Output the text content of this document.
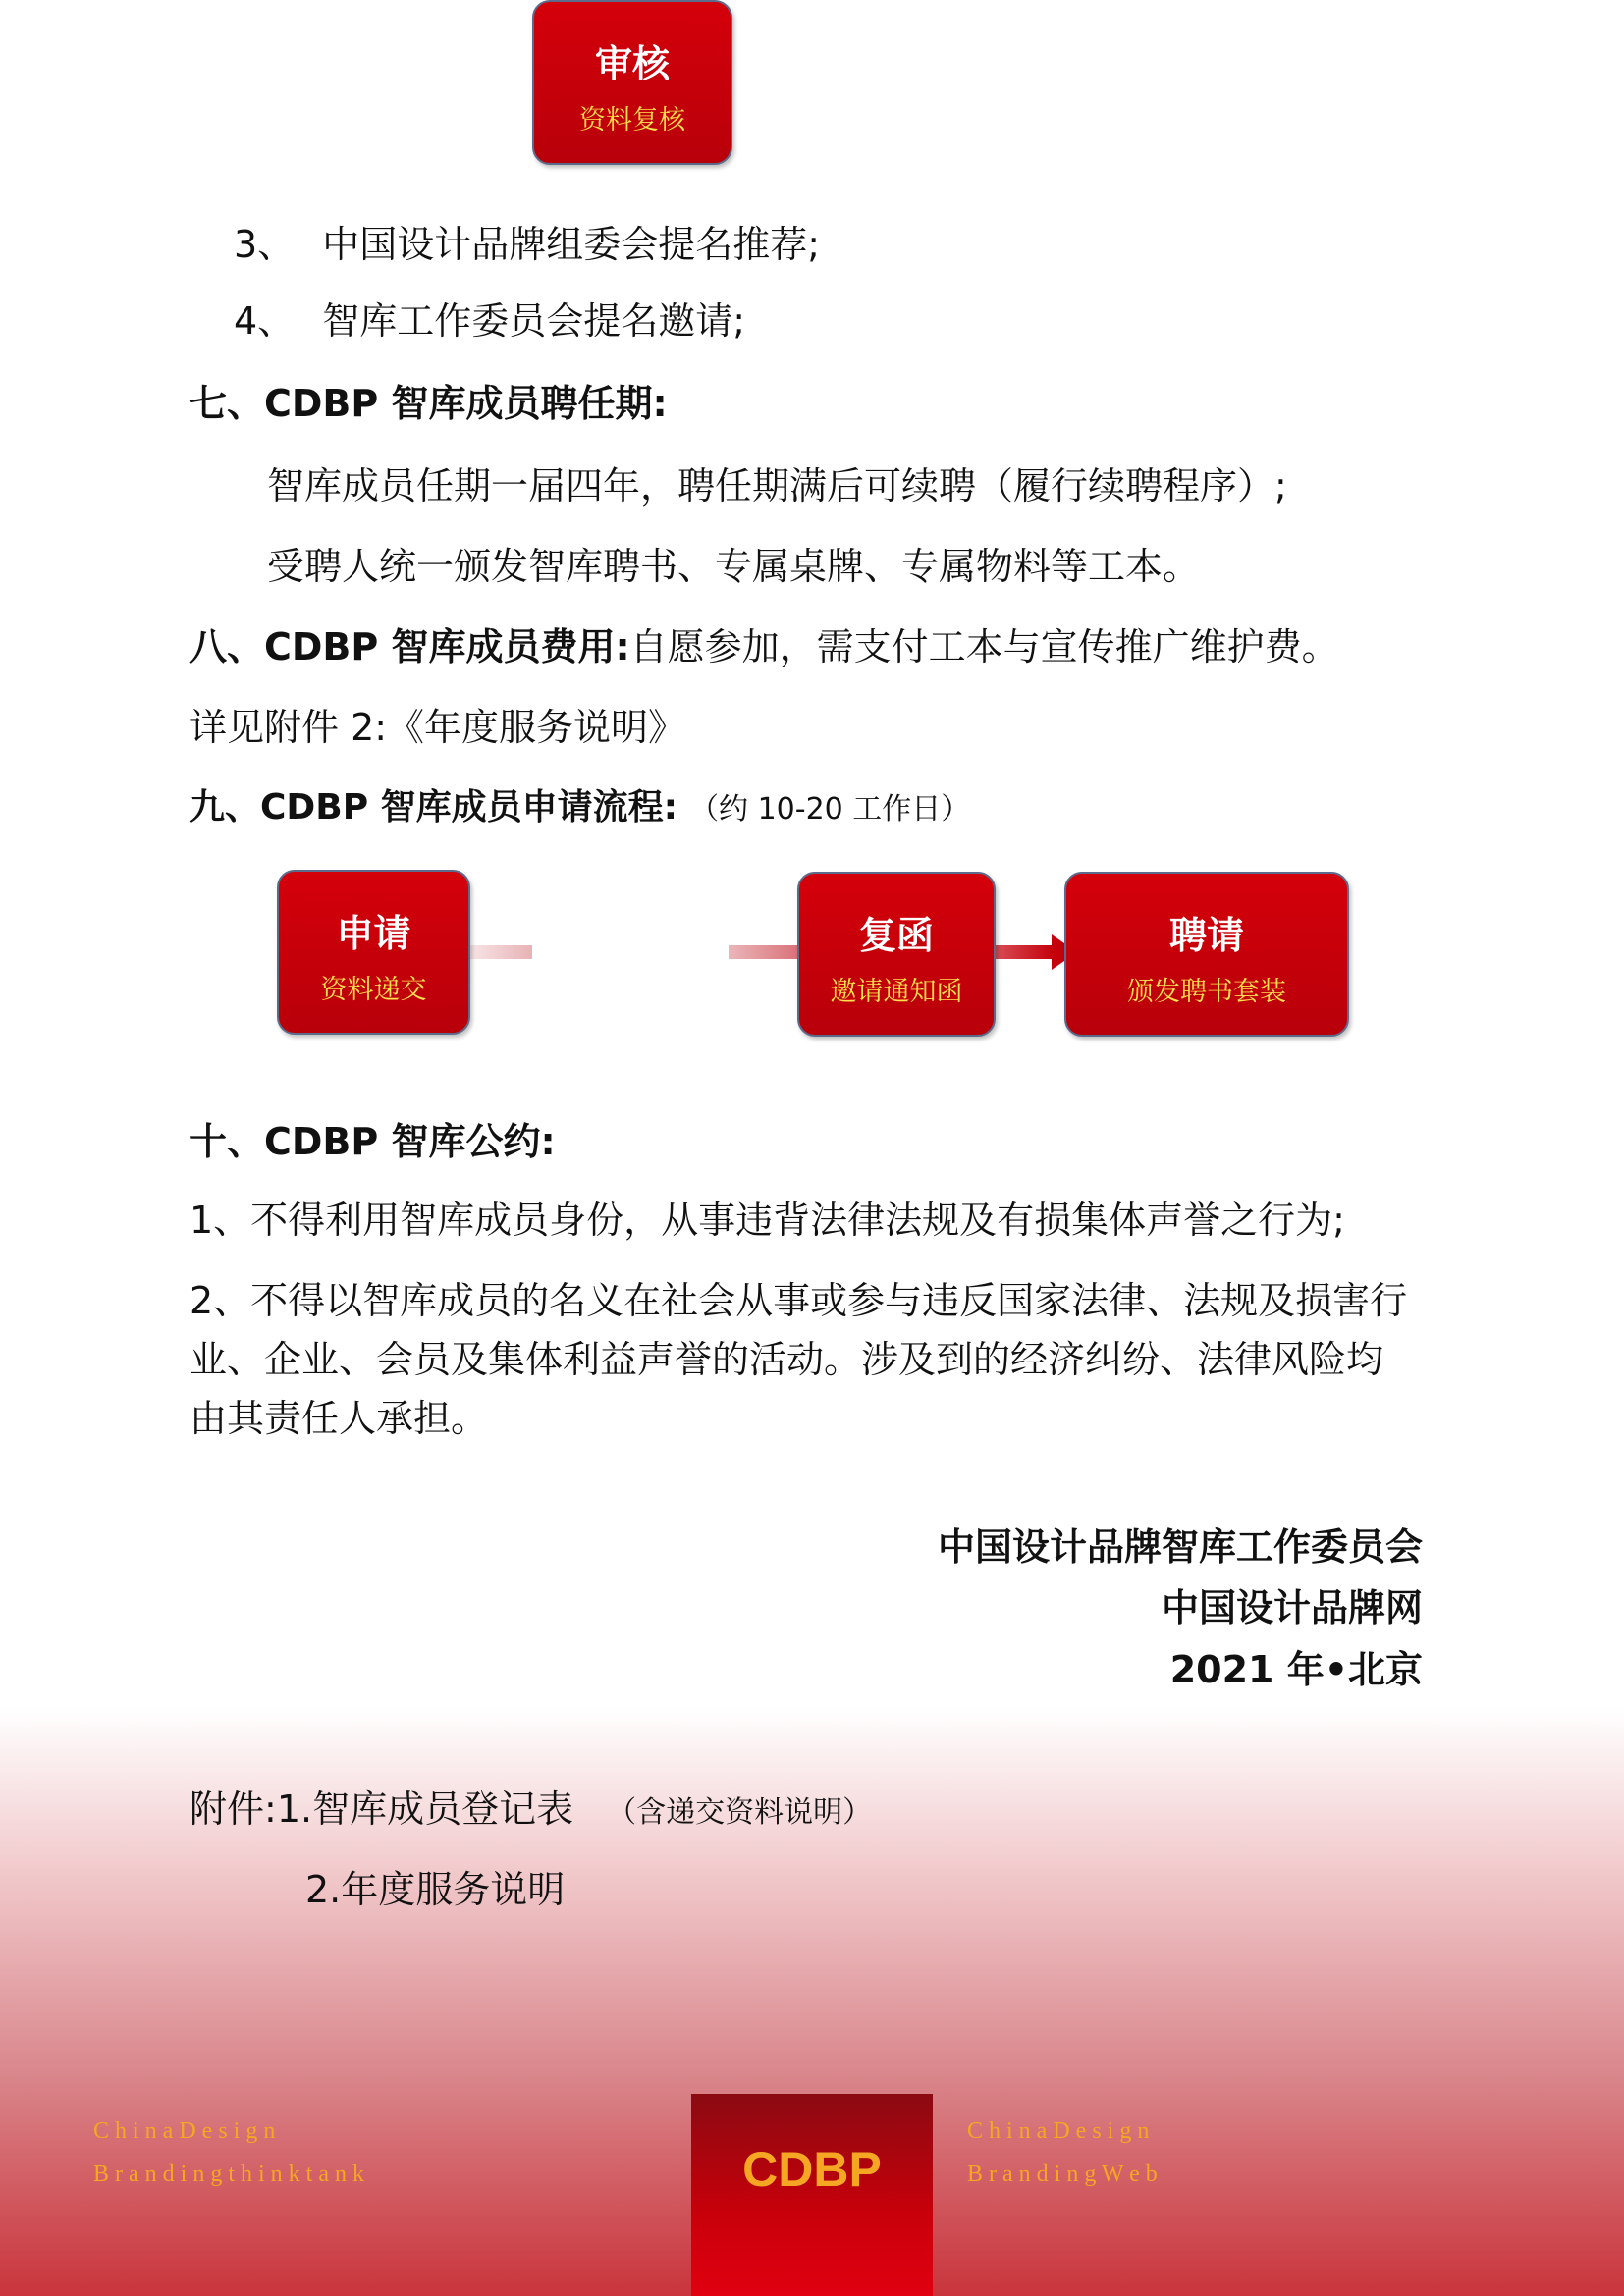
3、 中国设计品牌组委会提名推荐;
4、 智库工作委员会提名邀请;
七、CDBP 智库成员聘任期:
智库成员任期一届四年，聘任期满后可续聘（履行续聘程序）;
受聘人统一颁发智库聘书、专属桌牌、专属物料等工本。
八、CDBP 智库成员费用:自愿参加，需支付工本与宣传推广维护费。
详见附件 2:《年度服务说明》
九、CDBP 智库成员申请流程: （约 10-20 工作日）
申请
资料递交
审核
资料复核
复函
邀请通知函
聘请
颁发聘书套装
十、CDBP 智库公约:
1、不得利用智库成员身份，从事违背法律法规及有损集体声誉之行为;
2、不得以智库成员的名义在社会从事或参与违反国家法律、法规及损害行
业、企业、会员及集体利益声誉的活动。涉及到的经济纠纷、法律风险均
由其责任人承担。
中国设计品牌智库工作委员会
中国设计品牌网
2021 年•北京
附件:1.智库成员登记表 （含递交资料说明）
2.年度服务说明
C h i n a D e s i g n
B r a n d i n g t h i n k t a n k	CDBP
C h i n a D e s i g n
B r a n d i n g W e b
